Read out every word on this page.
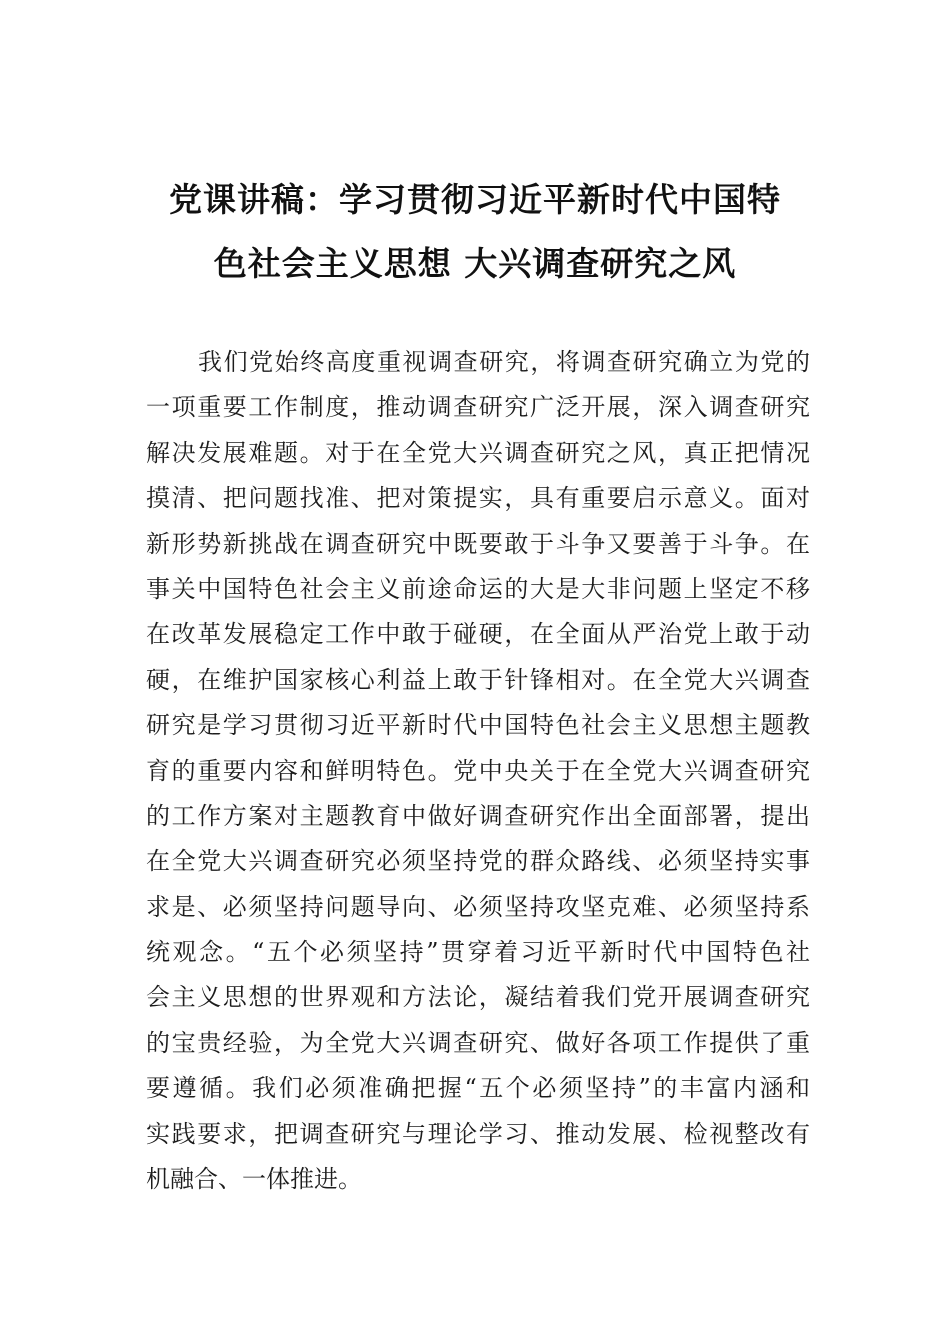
党课讲稿：学习贯彻习近平新时代中国特
色社会主义思想 大兴调查研究之风
我们党始终高度重视调查研究，将调查研究确立为党的
一项重要工作制度，推动调查研究广泛开展，深入调查研究
解决发展难题。对于在全党大兴调查研究之风，真正把情况
摸清、把问题找准、把对策提实，具有重要启示意义。面对
新形势新挑战在调查研究中既要敢于斗争又要善于斗争。在
事关中国特色社会主义前途命运的大是大非问题上坚定不移
在改革发展稳定工作中敢于碰硬，在全面从严治党上敢于动
硬，在维护国家核心利益上敢于针锋相对。在全党大兴调查
研究是学习贯彻习近平新时代中国特色社会主义思想主题教
育的重要内容和鲜明特色。党中央关于在全党大兴调查研究
的工作方案对主题教育中做好调查研究作出全面部署，提出
在全党大兴调查研究必须坚持党的群众路线、必须坚持实事
求是、必须坚持问题导向、必须坚持攻坚克难、必须坚持系
统观念。“五个必须坚持”贯穿着习近平新时代中国特色社
会主义思想的世界观和方法论，凝结着我们党开展调查研究
的宝贵经验，为全党大兴调查研究、做好各项工作提供了重
要遵循。我们必须准确把握“五个必须坚持”的丰富内涵和
实践要求，把调查研究与理论学习、推动发展、检视整改有
机融合、一体推进。
